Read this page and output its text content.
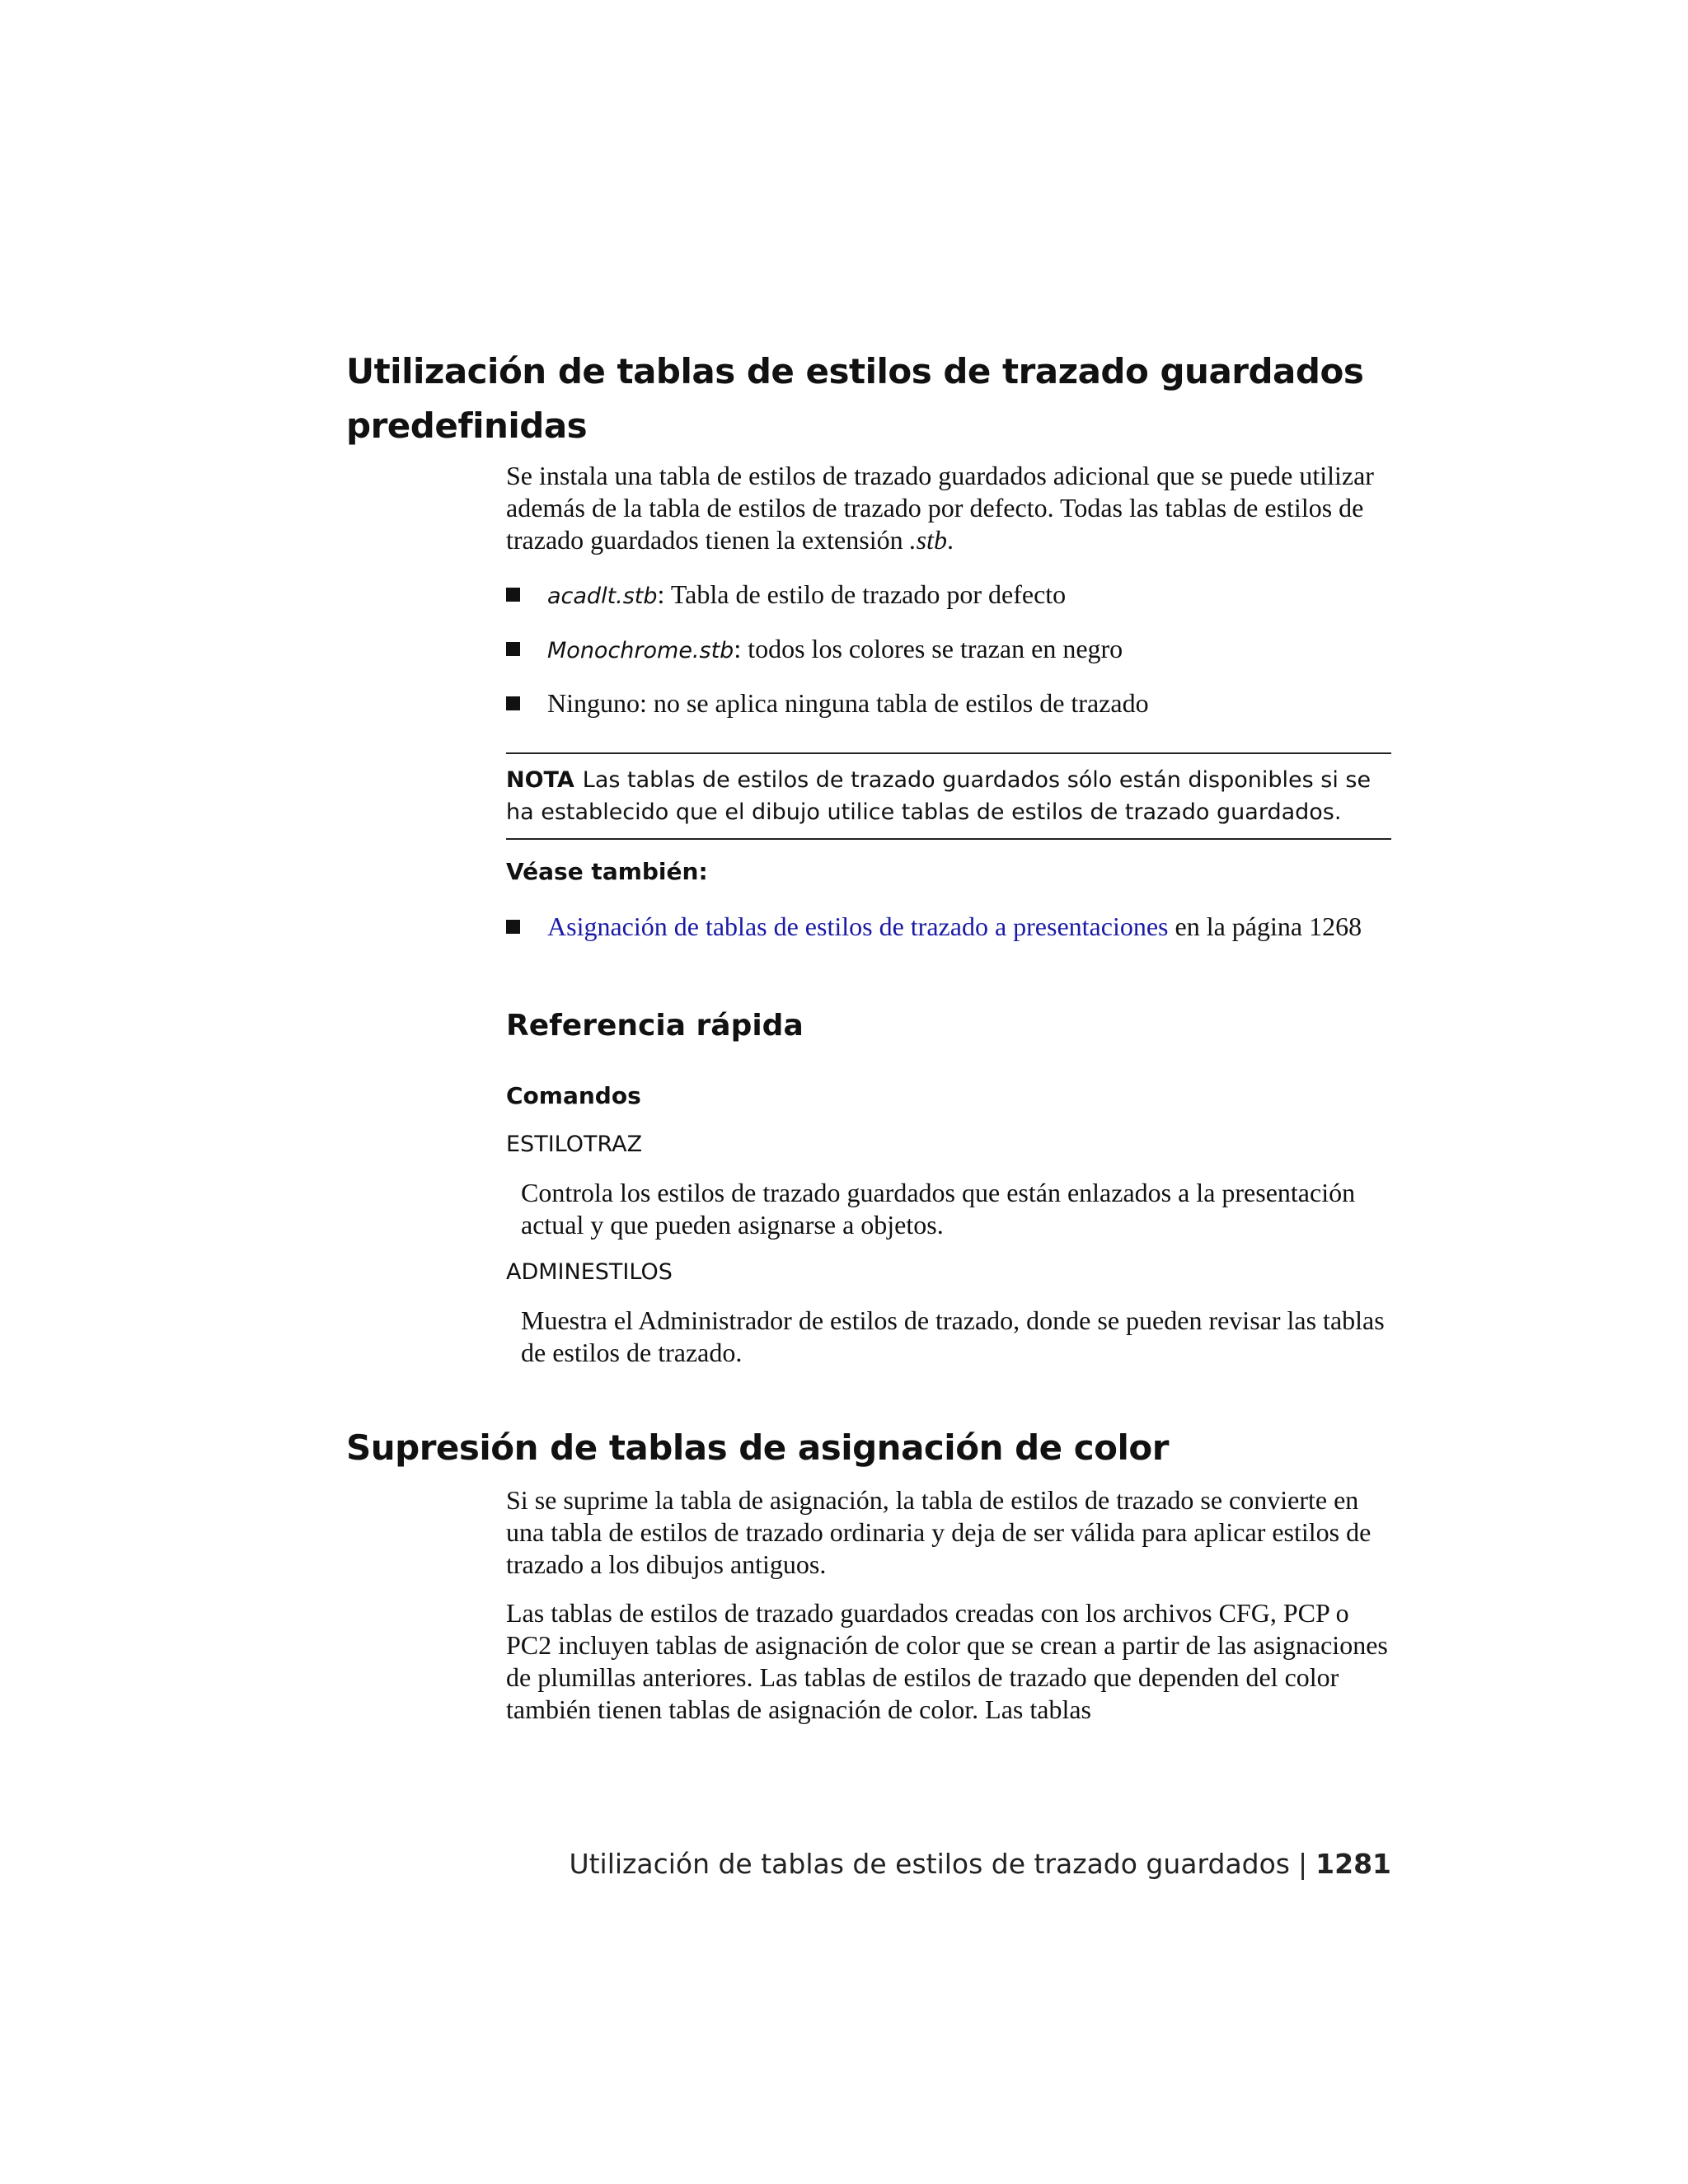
Utilización de tablas de estilos de trazado guardados
predefinidas

Se instala una tabla de estilos de trazado guardados adicional que se puede utilizar además de la tabla de estilos de trazado por defecto. Todas las tablas de estilos de trazado guardados tienen la extensión .stb.

acadlt.stb: Tabla de estilo de trazado por defecto
Monochrome.stb: todos los colores se trazan en negro
Ninguno: no se aplica ninguna tabla de estilos de trazado
NOTA Las tablas de estilos de trazado guardados sólo están disponibles si se ha establecido que el dibujo utilice tablas de estilos de trazado guardados.
Véase también:
Asignación de tablas de estilos de trazado a presentaciones en la página 1268
Referencia rápida
Comandos
ESTILOTRAZ
Controla los estilos de trazado guardados que están enlazados a la presentación actual y que pueden asignarse a objetos.
ADMINESTILOS
Muestra el Administrador de estilos de trazado, donde se pueden revisar las tablas de estilos de trazado.
Supresión de tablas de asignación de color

Si se suprime la tabla de asignación, la tabla de estilos de trazado se convierte en una tabla de estilos de trazado ordinaria y deja de ser válida para aplicar estilos de trazado a los dibujos antiguos.

Las tablas de estilos de trazado guardados creadas con los archivos CFG, PCP o PC2 incluyen tablas de asignación de color que se crean a partir de las asignaciones de plumillas anteriores. Las tablas de estilos de trazado que dependen del color también tienen tablas de asignación de color. Las tablas

Utilización de tablas de estilos de trazado guardados | 1281
